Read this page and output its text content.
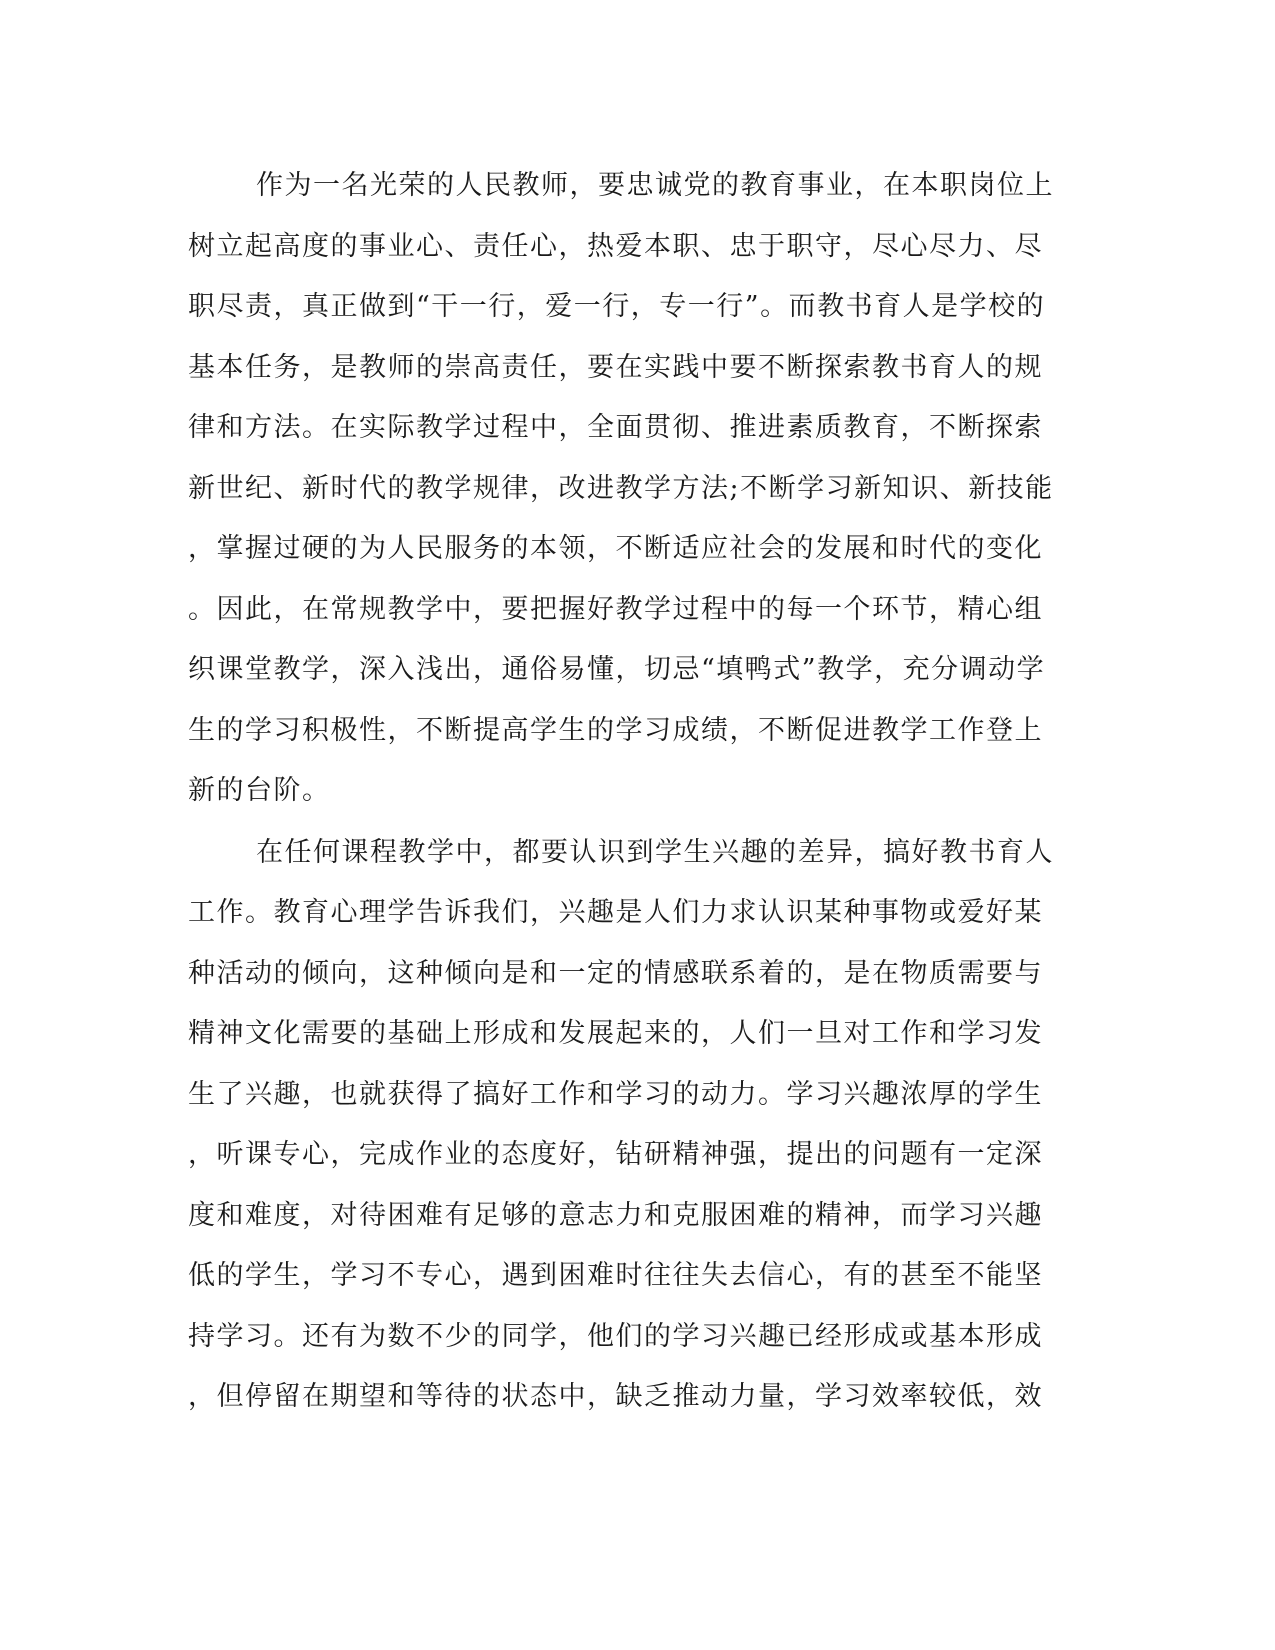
作为一名光荣的人民教师，要忠诚党的教育事业，在本职岗位上
树立起高度的事业心、责任心，热爱本职、忠于职守，尽心尽力、尽
职尽责，真正做到“干一行，爱一行，专一行”。而教书育人是学校的
基本任务，是教师的崇高责任，要在实践中要不断探索教书育人的规
律和方法。在实际教学过程中，全面贯彻、推进素质教育，不断探索
新世纪、新时代的教学规律，改进教学方法;不断学习新知识、新技能
，掌握过硬的为人民服务的本领，不断适应社会的发展和时代的变化
。因此，在常规教学中，要把握好教学过程中的每一个环节，精心组
织课堂教学，深入浅出，通俗易懂，切忌“填鸭式”教学，充分调动学
生的学习积极性，不断提高学生的学习成绩，不断促进教学工作登上
新的台阶。
在任何课程教学中，都要认识到学生兴趣的差异，搞好教书育人
工作。教育心理学告诉我们，兴趣是人们力求认识某种事物或爱好某
种活动的倾向，这种倾向是和一定的情感联系着的，是在物质需要与
精神文化需要的基础上形成和发展起来的，人们一旦对工作和学习发
生了兴趣，也就获得了搞好工作和学习的动力。学习兴趣浓厚的学生
，听课专心，完成作业的态度好，钻研精神强，提出的问题有一定深
度和难度，对待困难有足够的意志力和克服困难的精神，而学习兴趣
低的学生，学习不专心，遇到困难时往往失去信心，有的甚至不能坚
持学习。还有为数不少的同学，他们的学习兴趣已经形成或基本形成
，但停留在期望和等待的状态中，缺乏推动力量，学习效率较低，效
